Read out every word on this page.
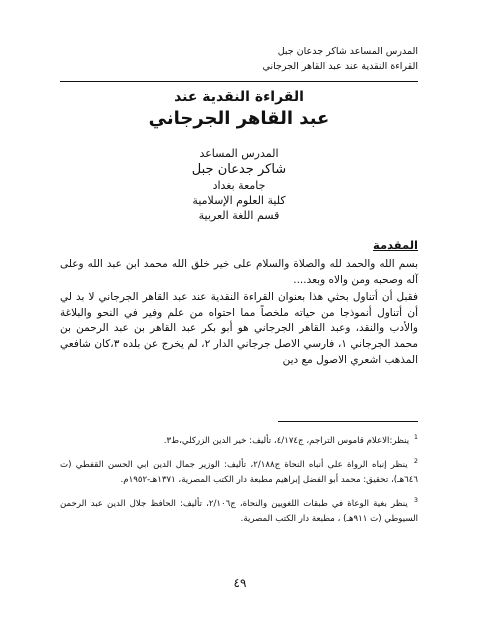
المدرس المساعد شاكر جدعان جبل
القراءة النقدية عند عبد القاهر الجرجاني
القراءة النقدية عند
عبد القاهر الجرجاني
المدرس المساعد
شاكر جدعان جبل
جامعة بغداد
كلية العلوم الإسلامية
قسم اللغة العربية
المقدمة

بسم الله والحمد لله والصلاة والسلام على خير خلق الله محمد ابن عبد الله وعلى آله وصحبه ومن والاه وبعد....

فقبل أن أتناول بحثي هذا بعنوان القراءة النقدية عند عبد القاهر الجرجاني لا بد لي أن أتناول أنموذجا من حياته ملخصاً مما احتواه من علم وفير في النحو والبلاغة والأدب والنقد، وعبد القاهر الجرجاني هو أبو بكر عبد القاهر بن عبد الرحمن بن محمد الجرجاني ١، فارسي الاصل جرجاني الدار ٢، لم يخرج عن بلده ٣،كان شافعي المذهب اشعري الاصول مع دين

$^1$ ينظر:الاعلام قاموس التراجم، ج٤/١٧٤، تأليف: خير الدين الزركلي،ط٣.

$^2$ ينظر إنباه الرواة على أنباه النحاة ج٢/١٨٨، تأليف: الوزير جمال الدين ابي الحسن القفطي (ت ٦٤٦هـ)، تحقيق: محمد أبو الفضل إبراهيم مطبعة دار الكتب المصرية، ١٣٧١هـ-١٩٥٢م.

$^3$ ينظر بغية الوعاة في طبقات اللغويين والنحاة، ج٢/١٠٦، تأليف: الحافظ جلال الدين عبد الرحمن السيوطي (ت ٩١١هـ) ، مطبعة دار الكتب المصرية.

٤٩
